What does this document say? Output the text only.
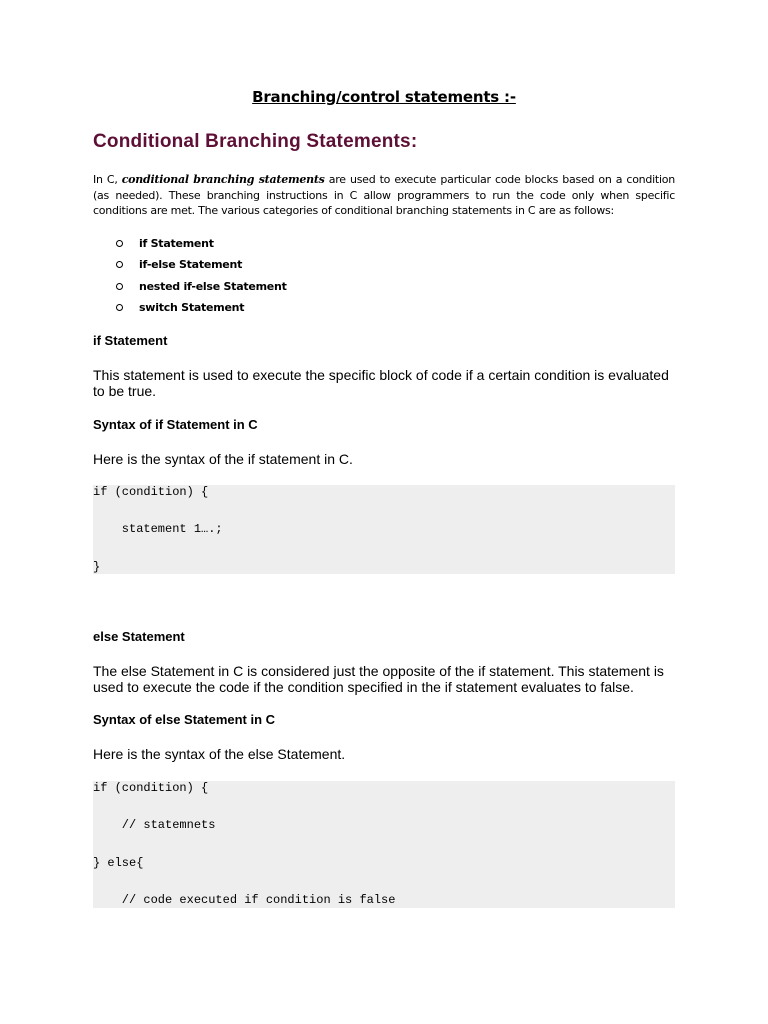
Branching/control statements :-
Conditional Branching Statements:
In C, conditional branching statements are used to execute particular code blocks based on a condition (as needed). These branching instructions in C allow programmers to run the code only when specific conditions are met. The various categories of conditional branching statements in C are as follows:
if Statement
if-else Statement
nested if-else Statement
switch Statement
if Statement
This statement is used to execute the specific block of code if a certain condition is evaluated to be true.
Syntax of if Statement in C
Here is the syntax of the if statement in C.
if (condition) {
statement 1….;
}
else Statement
The else Statement in C is considered just the opposite of the if statement. This statement is used to execute the code if the condition specified in the if statement evaluates to false.
Syntax of else Statement in C
Here is the syntax of the else Statement.
if (condition) {
// statemnets
} else{
// code executed if condition is false
